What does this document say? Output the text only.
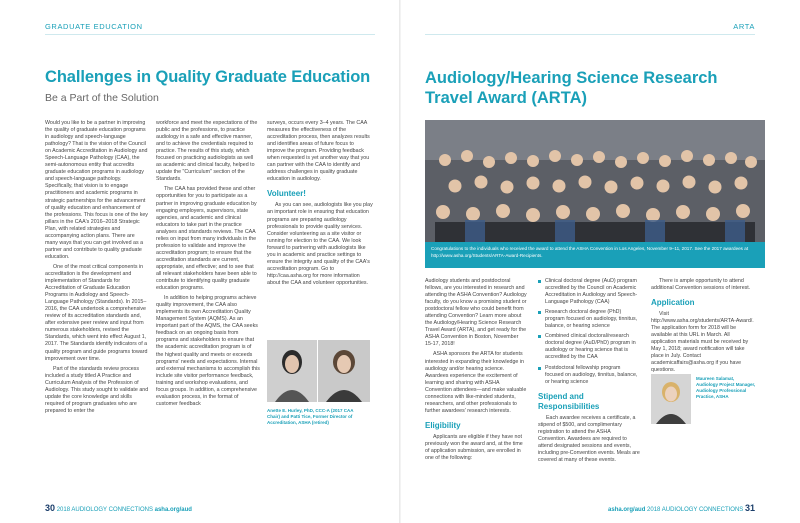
GRADUATE EDUCATION
Challenges in Quality Graduate Education
Be a Part of the Solution

Would you like to be a partner in improving the quality of graduate education programs in audiology and speech-language pathology? That is the vision of the Council on Academic Accreditation in Audiology and Speech-Language Pathology (CAA), the semi-autonomous entity that accredits graduate education programs in audiology and speech-language pathology. Specifically, that vision is to engage practitioners and academic programs in strategic partnerships for the advancement of quality education and enhancement of the professions. This focus is one of the key pillars in the CAA's 2016–2018 Strategic Plan, with related strategies and accompanying action plans. There are many ways that you can get involved as a partner and contribute to quality graduate education.

One of the most critical components in accreditation is the development and implementation of Standards for Accreditation of Graduate Education Programs in Audiology and Speech-Language Pathology (Standards). In 2015–2016, the CAA undertook a comprehensive review of its accreditation standards and, after extensive peer review and input from numerous stakeholders, revised the Standards, which went into effect August 1, 2017. The Standards identify indicators of a quality program and guide programs toward improvement over time.

Part of the standards review process included a study titled A Practice and Curriculum Analysis of the Profession of Audiology. This study sought to validate and update the core knowledge and skills required of program graduates who are prepared to enter the

workforce and meet the expectations of the public and the professions, to practice audiology in a safe and effective manner, and to achieve the credentials required to practice. The results of this study, which focused on practicing audiologists as well as academic and clinical faculty, helped to update the "Curriculum" section of the Standards.

The CAA has provided these and other opportunities for you to participate as a partner in improving graduate education by engaging employers, supervisors, state agencies, and academic and clinical educators to take part in the practice analyses and standards reviews. The CAA relies on input from many individuals in the profession to validate and improve the accreditation program; to ensure that the accreditation standards are current, appropriate, and effective; and to see that all relevant stakeholders have been able to contribute to identifying quality graduate education programs.

In addition to helping programs achieve quality improvement, the CAA also implements its own Accreditation Quality Management System (AQMS). As an important part of the AQMS, the CAA seeks feedback on an ongoing basis from programs and stakeholders to ensure that the academic accreditation program is of the highest quality and meets or exceeds programs' needs and expectations. Internal and external mechanisms to accomplish this include site visitor performance feedback, training and workshop evaluations, and focus groups. In addition, a comprehensive evaluation process, in the format of customer feedback

surveys, occurs every 3–4 years. The CAA measures the effectiveness of the accreditation process, then analyzes results and identifies areas of future focus to improve the program. Providing feedback when requested is yet another way that you can partner with the CAA to identify and address challenges in quality graduate education in audiology.

Volunteer!

As you can see, audiologists like you play an important role in ensuring that education programs are preparing audiology professionals to provide quality services. Consider volunteering as a site visitor or running for election to the CAA. We look forward to partnering with audiologists like you in academic and practice settings to ensure the integrity and quality of the CAA's accreditation program. Go to http://caa.asha.org for more information about the CAA and volunteer opportunities.

Anette E. Hurley, PhD, CCC-A (2017 CAA Chair) and Patti Tice, Former Director of Accreditation, ASHA (retired)
30 2018 AUDIOLOGY CONNECTIONS asha.org/aud
ARTA
Audiology/Hearing Science Research Travel Award (ARTA)
Congratulations to the individuals who received the award to attend the ASHA Convention in Los Angeles, November 9–11, 2017. See the 2017 awardees at http://www.asha.org/Students/ARTA-Award-Recipients.

Audiology students and postdoctoral fellows, are you interested in research and attending the ASHA Convention? Audiology faculty, do you know a promising student or postdoctoral fellow who could benefit from attending Convention? Learn more about the Audiology/Hearing Science Research Travel Award (ARTA), and get ready for the ASHA Convention in Boston, November 15-17, 2018!

ASHA sponsors the ARTA for students interested in expanding their knowledge in audiology and/or hearing science. Awardees experience the excitement of learning and sharing with ASHA Convention attendees—and make valuable connections with like-minded students, researchers, and other professionals to further awardees' research interests.

Eligibility

Applicants are eligible if they have not previously won the award and, at the time of application submission, are enrolled in one of the following:

Clinical doctoral degree (AuD) program accredited by the Council on Academic Accreditation in Audiology and Speech-Language Pathology (CAA)
Research doctoral degree (PhD) program focused on audiology, tinnitus, balance, or hearing science
Combined clinical doctoral/research doctoral degree (AuD/PhD) program in audiology or hearing science that is accredited by the CAA
Postdoctoral fellowship program focused on audiology, tinnitus, balance, or hearing science
Stipend and Responsibilities

Each awardee receives a certificate, a stipend of $500, and complimentary registration to attend the ASHA Convention. Awardees are required to attend designated sessions and events, including pre-Convention events. Meals are covered at many of these events.

There is ample opportunity to attend additional Convention sessions of interest.

Application

Visit http://www.asha.org/students/ARTA-Award/. The application form for 2018 will be available at this URL in March. All application materials must be received by May 1, 2018; award notification will take place in July. Contact academicaffairs@asha.org if you have questions.

Maureen Salamat, Audiology Project Manager, Audiology Professional Practice, ASHA
asha.org/aud 2018 AUDIOLOGY CONNECTIONS 31
